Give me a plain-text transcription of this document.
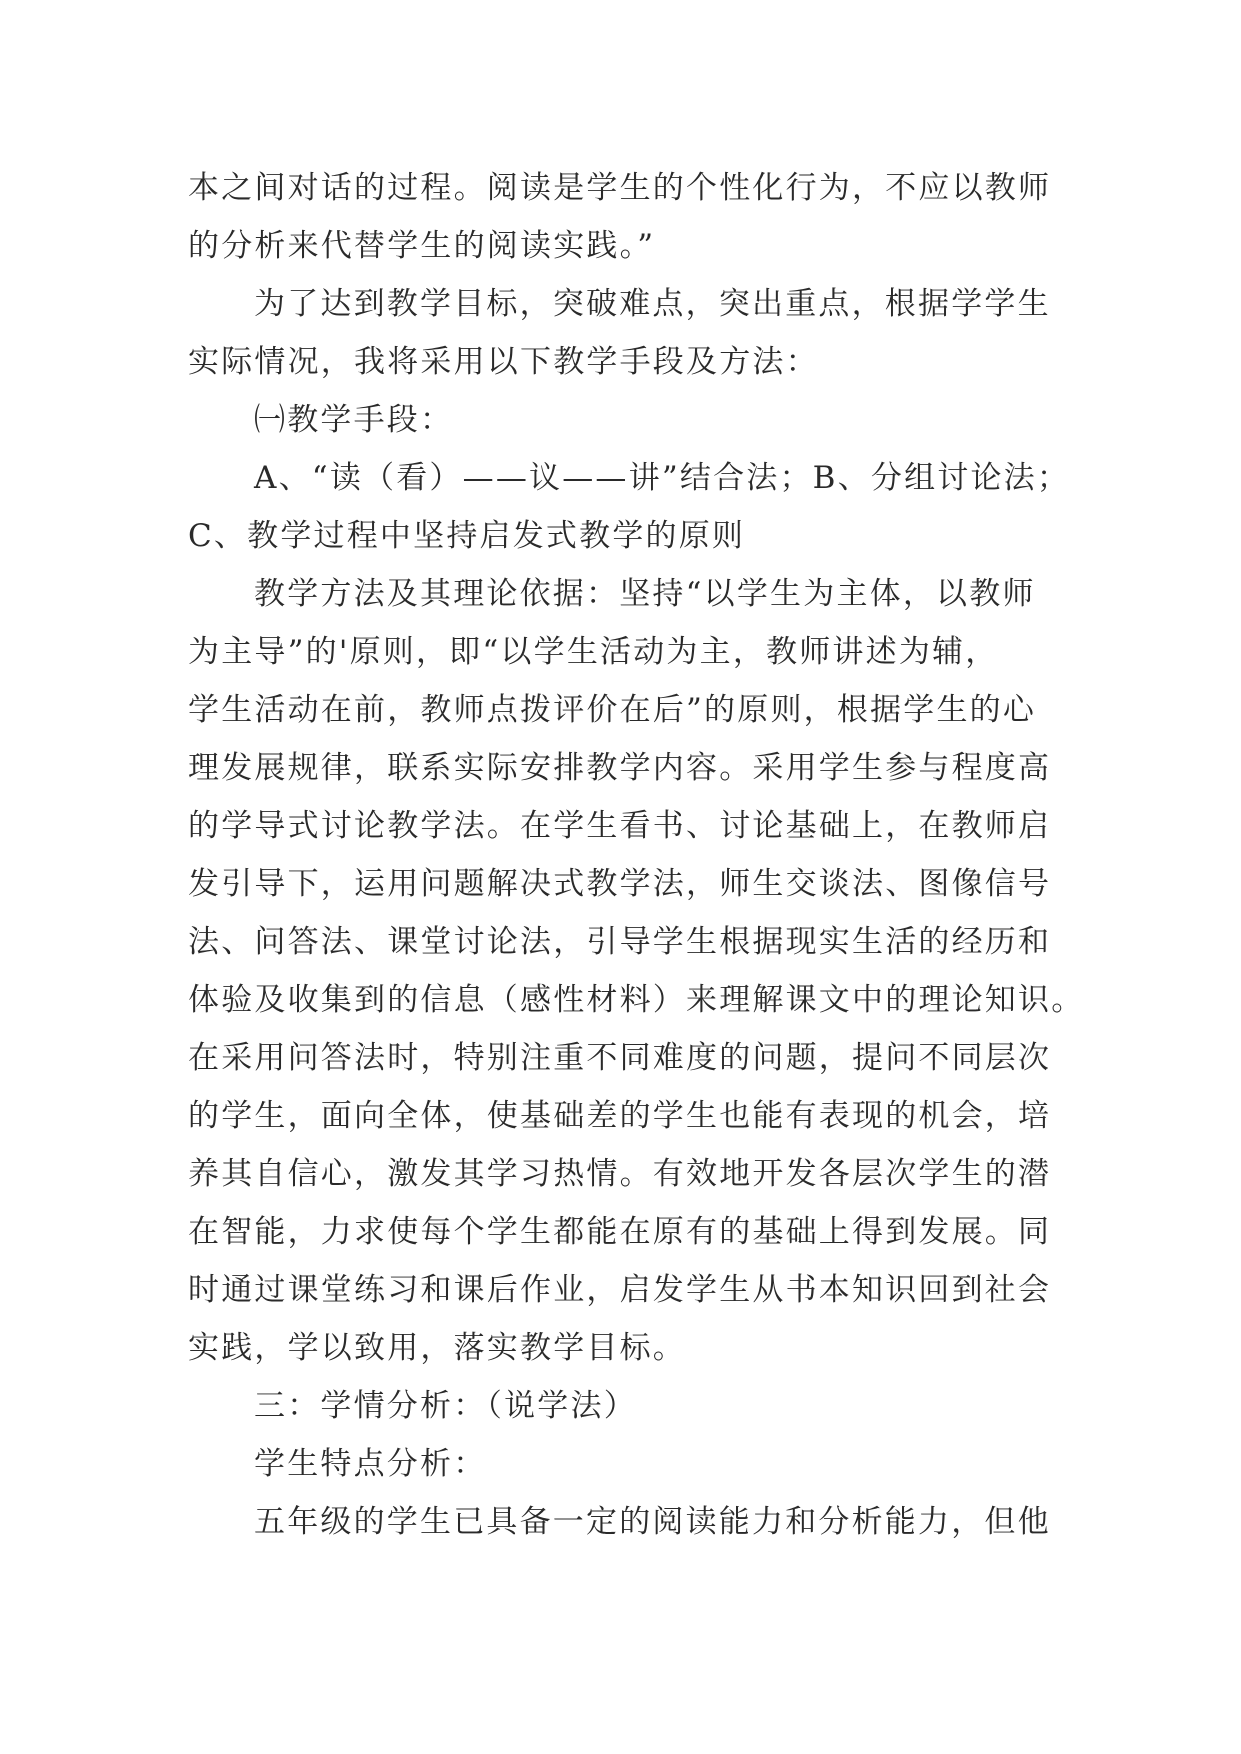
本之间对话的过程。阅读是学生的个性化行为，不应以教师
的分析来代替学生的阅读实践。”
为了达到教学目标，突破难点，突出重点，根据学学生
实际情况，我将采用以下教学手段及方法：
㈠教学手段：
A、“读（看）——议——讲”结合法；B、分组讨论法；
C、教学过程中坚持启发式教学的原则
教学方法及其理论依据：坚持“以学生为主体，以教师
为主导”的'原则，即“以学生活动为主，教师讲述为辅，
学生活动在前，教师点拨评价在后”的原则，根据学生的心
理发展规律，联系实际安排教学内容。采用学生参与程度高
的学导式讨论教学法。在学生看书、讨论基础上，在教师启
发引导下，运用问题解决式教学法，师生交谈法、图像信号
法、问答法、课堂讨论法，引导学生根据现实生活的经历和
体验及收集到的信息（感性材料）来理解课文中的理论知识。
在采用问答法时，特别注重不同难度的问题，提问不同层次
的学生，面向全体，使基础差的学生也能有表现的机会，培
养其自信心，激发其学习热情。有效地开发各层次学生的潜
在智能，力求使每个学生都能在原有的基础上得到发展。同
时通过课堂练习和课后作业，启发学生从书本知识回到社会
实践，学以致用，落实教学目标。
三：学情分析：（说学法）
学生特点分析：
五年级的学生已具备一定的阅读能力和分析能力，但他
